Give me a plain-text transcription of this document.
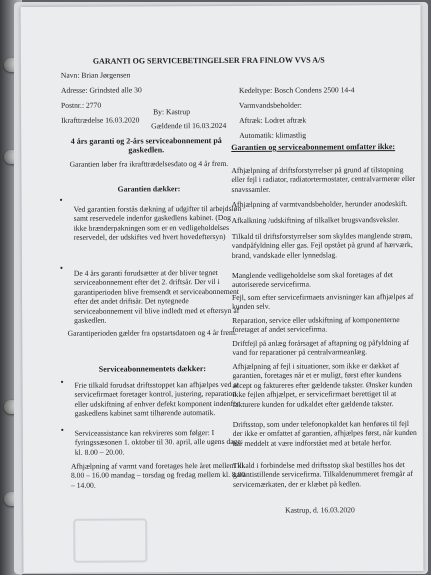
GARANTI OG SERVICEBETINGELSER FRA FINLOW VVS A/S
Navn: Brian Jørgensen
Adresse: Grindsted alle 30
Postnr.: 2770
By: Kastrup
Ikrafttrædelse 16.03.2020
Gældende til 16.03.2024
Kedeltype: Bosch Condens 2500 14-4
Varmvandsbeholder:
Aftræk: Lodret aftræk
Automatik: klimastlig
4 års garanti og 2-års serviceabonnement på gaskedlen.
Garantien løber fra ikrafttrædelsesdato og 4 år frem.
Garantien dækker:
•
Ved garantien forstås dækning af udgifter til arbejdsløn samt reservedele indenfor gaskedlens kabinet. (Dog ikke brænderpakningen som er en vedligeholdelses reservedel, der udskiftes ved hvert hovedeftersyn)
•
De 4 års garanti forudsætter at der bliver tegnet serviceabonnement efter det 2. driftsår. Der vil i garantiperioden blive fremsendt et serviceabonnement efter det andet driftsår. Det nytegnede serviceabonnement vil blive indledt med et eftersyn af gaskedlen.
Garantiperioden gælder fra opstartsdatoen og 4 år frem.
Serviceabonnementets dækker:
• Frie tilkald forudsat driftsstoppet kan afhjælpes ved at servicefirmaet foretager kontrol, justering, reparation eller udskiftning af enhver defekt komponent indenfor gaskedlens kabinet samt tilhørende automatik.
• Serviceassistance kan rekvireres som følger: I fyringssæsonen 1. oktober til 30. april, alle ugens dage: kl. 8.00 – 20.00.
Afhjælpning af varmt vand foretages hele året mellem kl. 8.00 – 16.00 mandag – torsdag og fredag mellem kl. 8.00 – 14.00.
Garantien og serviceabonnement omfatter ikke:
Afhjælpning af driftsforstyrrelser på grund af tilstopning eller fejl i radiator, radiatortermostater, centralvarmerør eller snavssamler.
Afhjælpning af varmtvandsbeholder, herunder anodeskift.
Afkalkning /udskiftning af tilkalket brugsvandsveksler.
Tilkald til driftsforstyrrelser som skyldes manglende strøm, vandpåfyldning eller gas. Fejl opstået på grund af hærværk, brand, vandskade eller lynnedslag.
Manglende vedligeholdelse som skal foretages af det autoriserede servicefirma.
Fejl, som efter servicefirmaets anvisninger kan afhjælpes af kunden selv.
Reparation, service eller udskiftning af komponenterne foretaget af andet servicefirma.
Driftfejl på anlæg forårsaget af aftapning og påfyldning af vand for reparationer på centralvarmeanlæg.
Afhjælpning af fejl i situationer, som ikke er dækket af garantien, foretages når et er muligt, først efter kundens accept og faktureres efter gældende takster. Ønsker kunden ikke fejlen afhjælpet, er servicefirmaet berettiget til at fakturere kunden for udkaldet efter gældende takster.
Driftsstop, som under telefonopkaldet kan henføres til fejl der ikke er omfattet af garantien, afhjælpes først, når kunden har meddelt at være indforstået med at betale herfor.
Tilkald i forbindelse med driftsstop skal bestilles hos det garantistillende servicefirma. Tilkaldenummeret fremgår af servicemærkaten, der er klæbet på kedlen.
Kastrup, d. 16.03.2020
